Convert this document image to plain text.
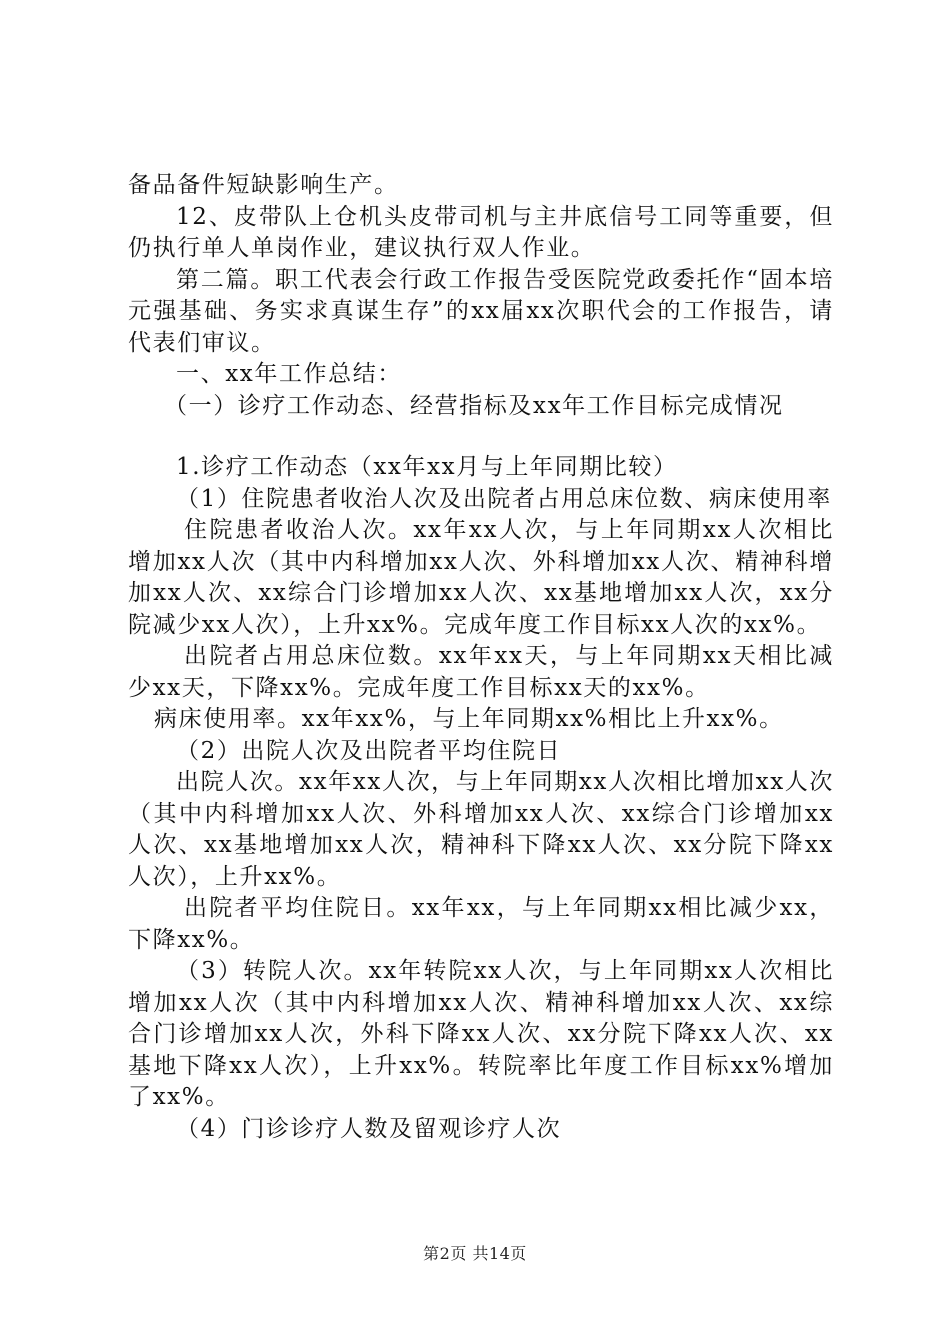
备品备件短缺影响生产。

12、皮带队上仓机头皮带司机与主井底信号工同等重要，但仍执行单人单岗作业，建议执行双人作业。

第二篇。职工代表会行政工作报告受医院党政委托作“固本培元强基础、务实求真谋生存”的xx届xx次职代会的工作报告，请代表们审议。

一、xx年工作总结：

（一）诊疗工作动态、经营指标及xx年工作目标完成情况

1.诊疗工作动态（xx年xx月与上年同期比较）

（1）住院患者收治人次及出院者占用总床位数、病床使用率

住院患者收治人次。xx年xx人次，与上年同期xx人次相比增加xx人次（其中内科增加xx人次、外科增加xx人次、精神科增加xx人次、xx综合门诊增加xx人次、xx基地增加xx人次，xx分院减少xx人次），上升xx%。完成年度工作目标xx人次的xx%。

出院者占用总床位数。xx年xx天，与上年同期xx天相比减少xx天，下降xx%。完成年度工作目标xx天的xx%。

病床使用率。xx年xx%，与上年同期xx%相比上升xx%。

（2）出院人次及出院者平均住院日

出院人次。xx年xx人次，与上年同期xx人次相比增加xx人次（其中内科增加xx人次、外科增加xx人次、xx综合门诊增加xx人次、xx基地增加xx人次，精神科下降xx人次、xx分院下降xx人次），上升xx%。

出院者平均住院日。xx年xx，与上年同期xx相比减少xx，下降xx%。

（3）转院人次。xx年转院xx人次，与上年同期xx人次相比增加xx人次（其中内科增加xx人次、精神科增加xx人次、xx综合门诊增加xx人次，外科下降xx人次、xx分院下降xx人次、xx基地下降xx人次），上升xx%。转院率比年度工作目标xx%增加了xx%。

（4）门诊诊疗人数及留观诊疗人次

第2页 共14页
